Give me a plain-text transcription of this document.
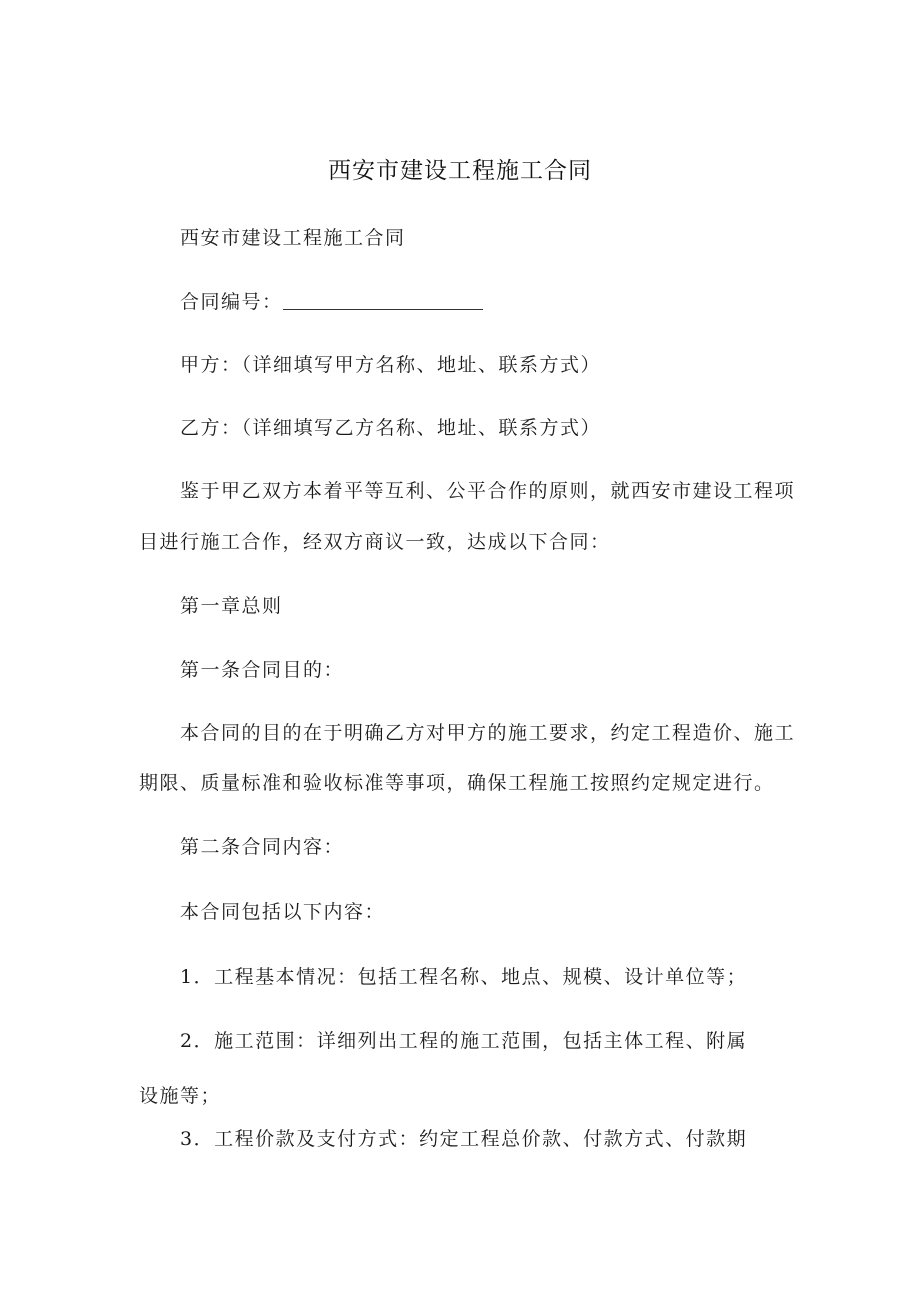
西安市建设工程施工合同
西安市建设工程施工合同
合同编号：
甲方：（详细填写甲方名称、地址、联系方式）
乙方：（详细填写乙方名称、地址、联系方式）
鉴于甲乙双方本着平等互利、公平合作的原则，就西安市建设工程项
目进行施工合作，经双方商议一致，达成以下合同：
第一章总则
第一条合同目的：
本合同的目的在于明确乙方对甲方的施工要求，约定工程造价、施工
期限、质量标准和验收标准等事项，确保工程施工按照约定规定进行。
第二条合同内容：
本合同包括以下内容：
1．工程基本情况：包括工程名称、地点、规模、设计单位等；
2．施工范围：详细列出工程的施工范围，包括主体工程、附属
设施等；
3．工程价款及支付方式：约定工程总价款、付款方式、付款期
